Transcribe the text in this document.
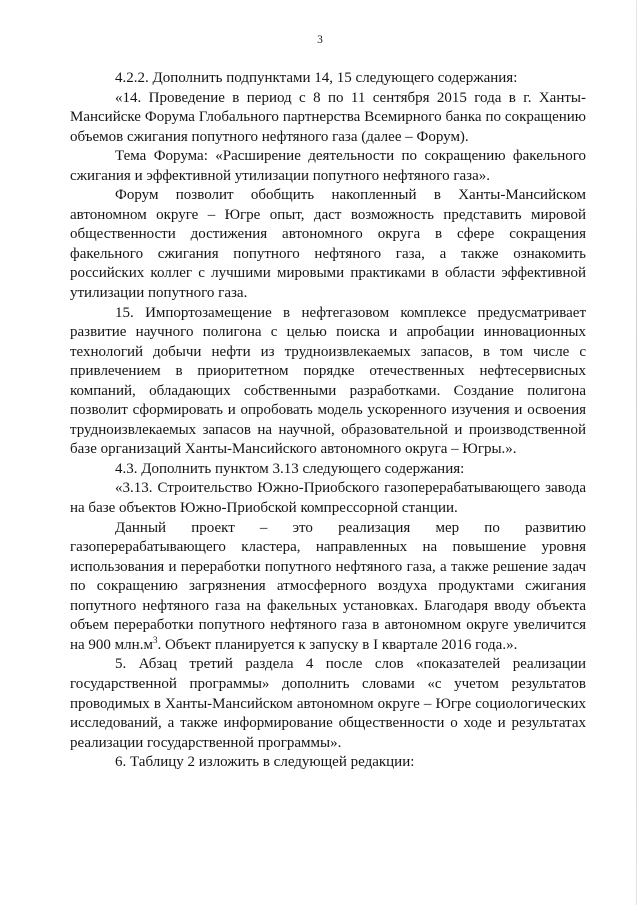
3

4.2.2. Дополнить подпунктами 14, 15 следующего содержания:

«14. Проведение в период с 8 по 11 сентября 2015 года в г. Ханты-Мансийске Форума Глобального партнерства Всемирного банка по сокращению объемов сжигания попутного нефтяного газа (далее – Форум).

Тема Форума: «Расширение деятельности по сокращению факельного сжигания и эффективной утилизации попутного нефтяного газа».

Форум позволит обобщить накопленный в Ханты-Мансийском автономном округе – Югре опыт, даст возможность представить мировой общественности достижения автономного округа в сфере сокращения факельного сжигания попутного нефтяного газа, а также ознакомить российских коллег с лучшими мировыми практиками в области эффективной утилизации попутного газа.

15. Импортозамещение в нефтегазовом комплексе предусматривает развитие научного полигона с целью поиска и апробации инновационных технологий добычи нефти из трудноизвлекаемых запасов, в том числе с привлечением в приоритетном порядке отечественных нефтесервисных компаний, обладающих собственными разработками. Создание полигона позволит сформировать и опробовать модель ускоренного изучения и освоения трудноизвлекаемых запасов на научной, образовательной и производственной базе организаций Ханты-Мансийского автономного округа – Югры.».

4.3. Дополнить пунктом 3.13 следующего содержания:

«3.13. Строительство Южно-Приобского газоперерабатывающего завода на базе объектов Южно-Приобской компрессорной станции.

Данный проект – это реализация мер по развитию газоперерабатывающего кластера, направленных на повышение уровня использования и переработки попутного нефтяного газа, а также решение задач по сокращению загрязнения атмосферного воздуха продуктами сжигания попутного нефтяного газа на факельных установках. Благодаря вводу объекта объем переработки попутного нефтяного газа в автономном округе увеличится на 900 $млн.м^3$. Объект планируется к запуску в I квартале 2016 года.».

5. Абзац третий раздела 4 после слов «показателей реализации государственной программы» дополнить словами «с учетом результатов проводимых в Ханты-Мансийском автономном округе – Югре социологических исследований, а также информирование общественности о ходе и результатах реализации государственной программы».

6. Таблицу 2 изложить в следующей редакции:
